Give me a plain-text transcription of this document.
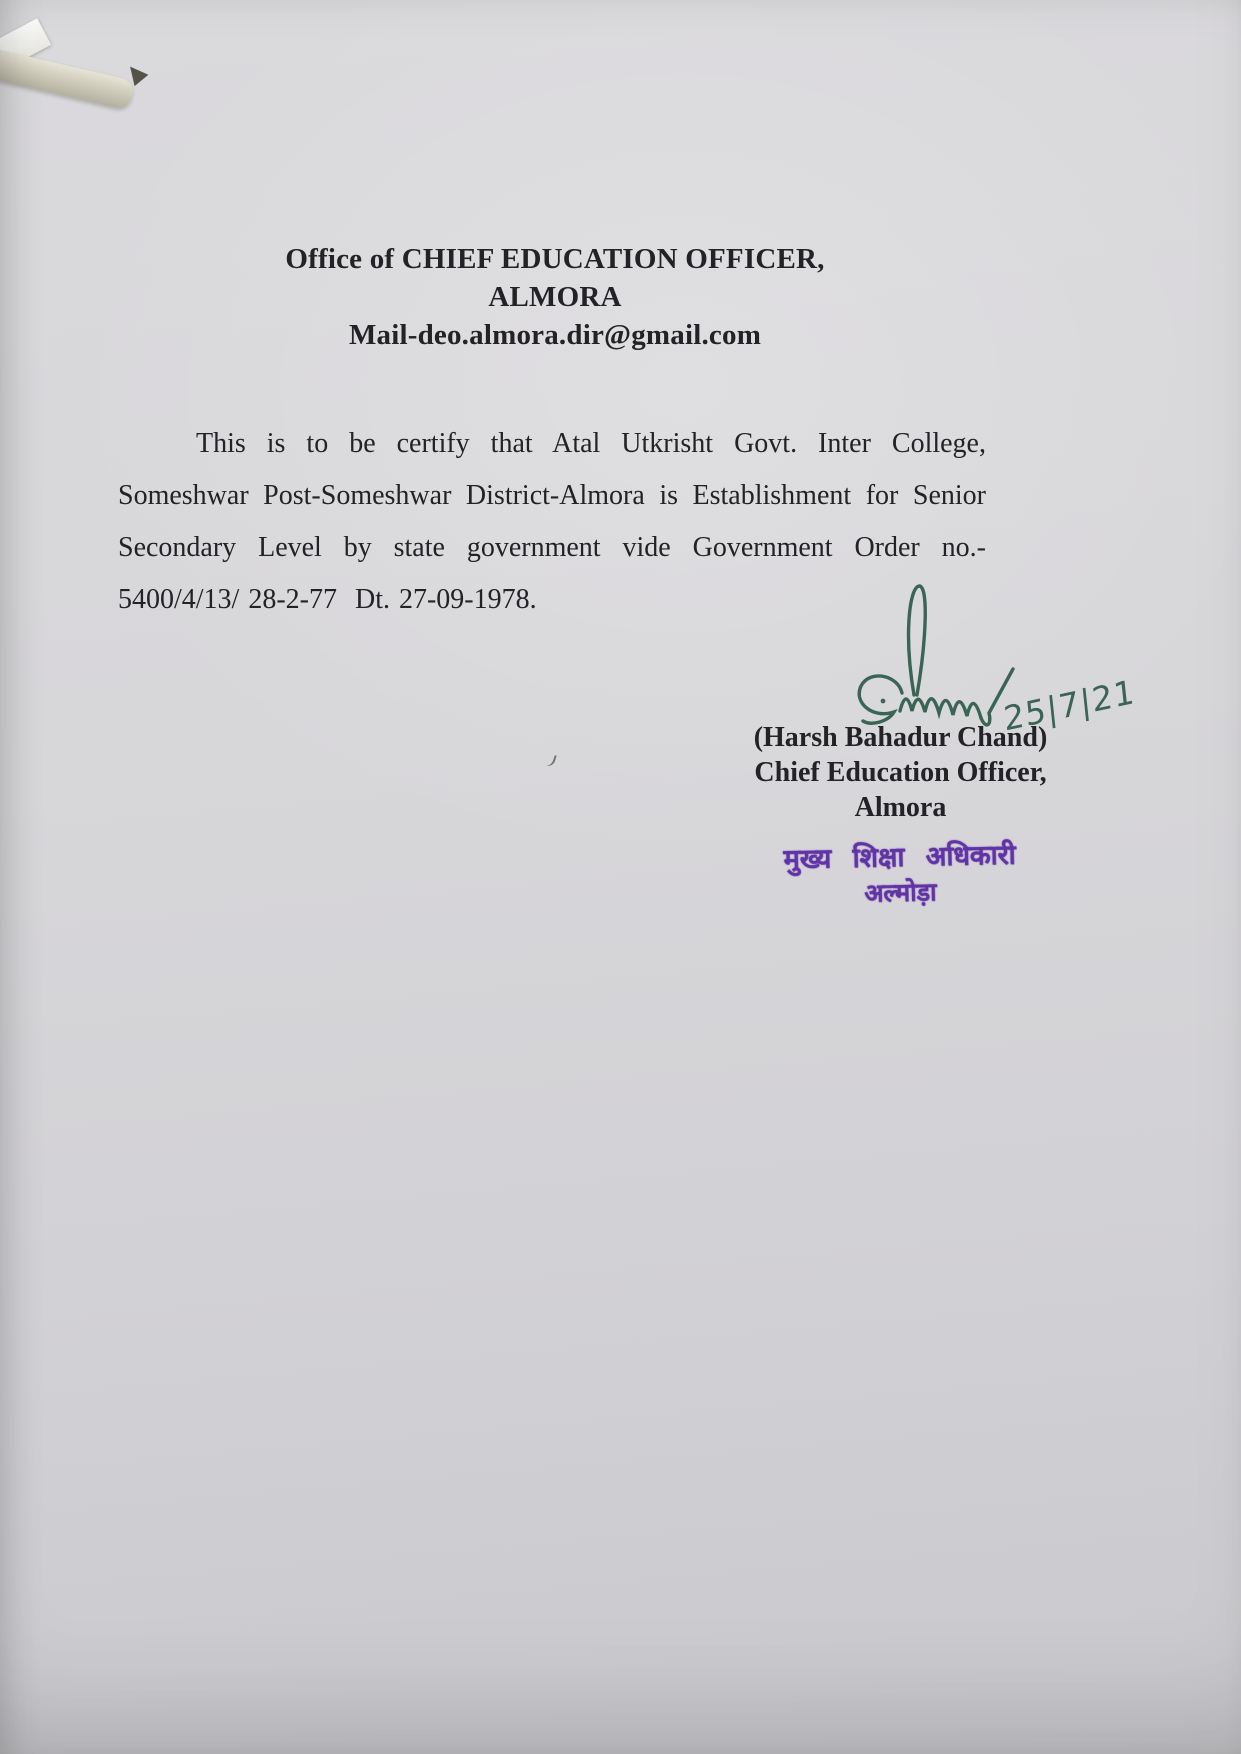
Office of CHIEF EDUCATION OFFICER,
ALMORA
Mail-deo.almora.dir@gmail.com
This is to be certify that Atal Utkrisht Govt. Inter College,
Someshwar Post-Someshwar District-Almora is Establishment for Senior
Secondary Level by state government vide Government Order no.-
5400/4/13/ 28-2-77  Dt. 27-09-1978.
25|7|21
(Harsh Bahadur Chand)
Chief Education Officer,
Almora
मुख्य शिक्षा अधिकारी
अल्मोड़ा
